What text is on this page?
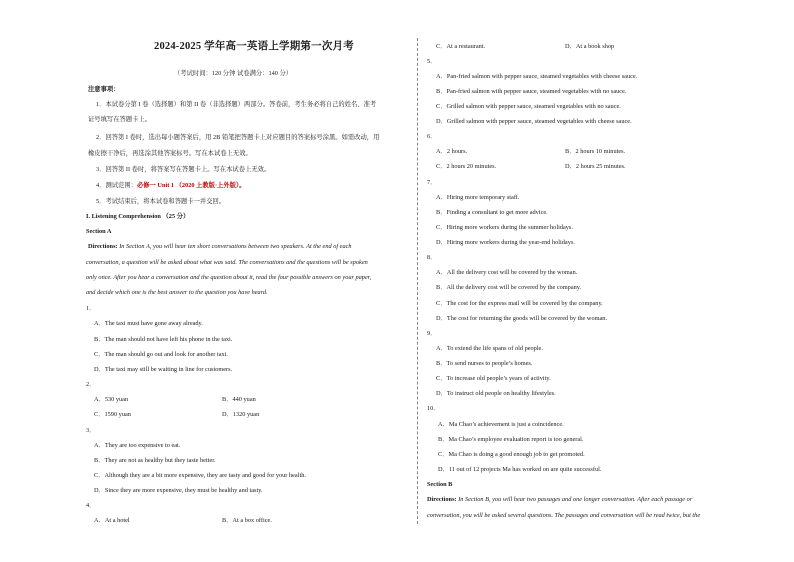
2024-2025 学年高一英语上学期第一次月考
（考试时间：120 分钟 试卷满分：140 分）
注意事项：
1．本试卷分第 I 卷（选择题）和第 II 卷（非选择题）两部分。答卷前，考生务必将自己的姓名、准考
证号填写在答题卡上。
2．回答第 I 卷时，选出每小题答案后，用 2B 铅笔把答题卡上对应题目的答案标号涂黑。如需改动，用
橡皮擦干净后，再选涂其他答案标号。写在本试卷上无效。
3．回答第 II 卷时，将答案写在答题卡上。写在本试卷上无效。
4．测试范围：必修一 Unit 1 （2020 上教版·上外版）。
5．考试结束后，将本试卷和答题卡一并交回。
I. Listening Comprehension （25 分）
Section A
Directions: In Section A, you will hear ten short conversations between two speakers. At the end of each
conversation, a question will be asked about what was said. The conversations and the questions will be spoken
only once. After you hear a conversation and the question about it, read the four possible answers on your paper,
and decide which one is the best answer to the question you have heard.
1．
A．The taxi must have gone away already.
B．The man should not have left his phone in the taxi.
C．The man should go out and look for another taxi.
D．The taxi may still be waiting in line for customers.
2．
A．530 yuan	B．440 yuan
C．1590 yuan	D．1320 yuan
3．
A．They are too expensive to eat.
B．They are not as healthy but they taste better.
C．Although they are a bit more expensive, they are tasty and good for your health.
D．Since they are more expensive, they must be healthy and tasty.
4．
A．At a hotel	B．At a box office.
C．At a restaurant.	D．At a book shop
5．
A．Pan-fried salmon with pepper sauce, steamed vegetables with cheese sauce.
B．Pan-fried salmon with pepper sauce, steamed vegetables with no sauce.
C．Grilled salmon with pepper sauce, steamed vegetables with no sauce.
D．Grilled salmon with pepper sauce, steamed vegetables with cheese sauce.
6．
A．2 hours.	B．2 hours 10 minutes.
C．2 hours 20 minutes.	D．2 hours 25 minutes.
7．
A．Hiring more temporary staff.
B．Finding a consultant to get more advice.
C．Hiring more workers during the summer holidays.
D．Hiring more workers during the year-end holidays.
8．
A．All the delivery cost will be covered by the woman.
B．All the delivery cost will be covered by the company.
C．The cost for the express mail will be covered by the company.
D．The cost for returning the goods will be covered by the woman.
9．
A．To extend the life spans of old people.
B．To send nurses to people’s homes.
C．To increase old people’s years of activity.
D．To instruct old people on healthy lifestyles.
10．
A．Ma Chao’s achievement is just a coincidence.
B．Ma Chao’s employee evaluation report is too general.
C．Ma Chao is doing a good enough job to get promoted.
D．11 out of 12 projects Ma has worked on are quite successful.
Section B
Directions: In Section B, you will hear two passages and one longer conversation. After each passage or
conversation, you will be asked several questions. The passages and conversation will be read twice, but the
